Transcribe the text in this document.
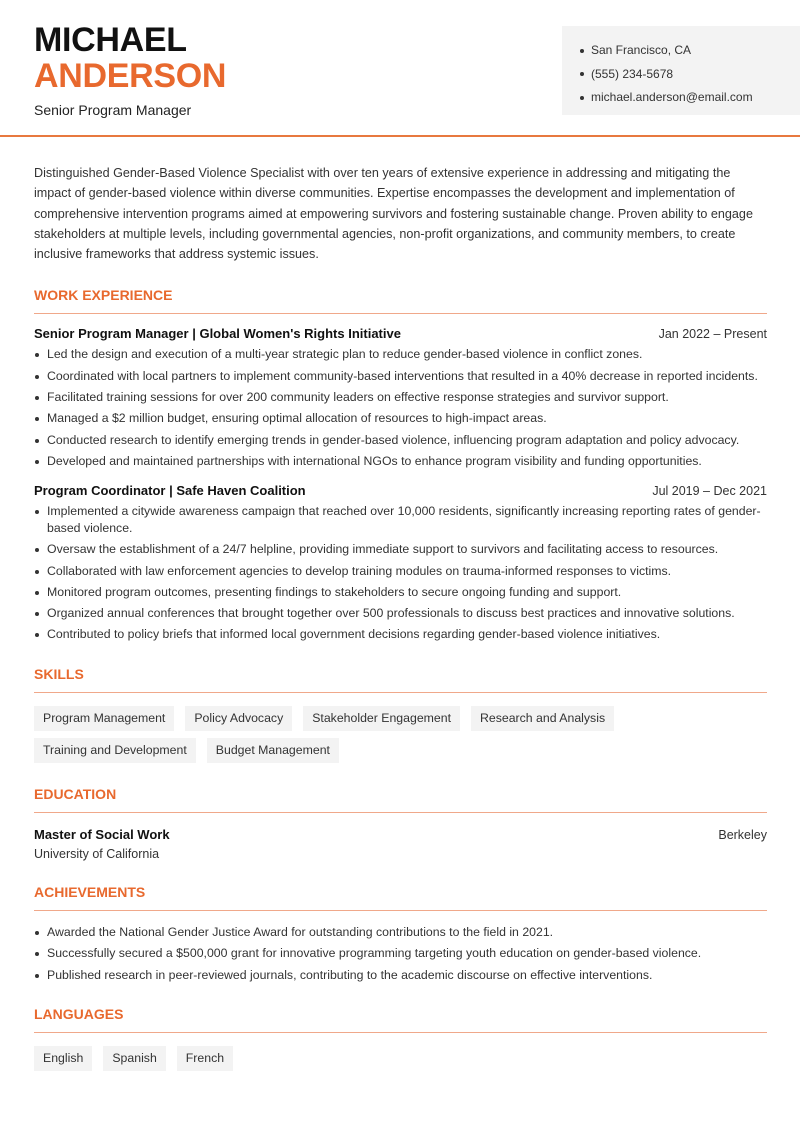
MICHAEL
ANDERSON
Senior Program Manager
San Francisco, CA
(555) 234-5678
michael.anderson@email.com

Distinguished Gender-Based Violence Specialist with over ten years of extensive experience in addressing and mitigating the impact of gender-based violence within diverse communities. Expertise encompasses the development and implementation of comprehensive intervention programs aimed at empowering survivors and fostering sustainable change. Proven ability to engage stakeholders at multiple levels, including governmental agencies, non-profit organizations, and community members, to create inclusive frameworks that address systemic issues.

WORK EXPERIENCE
Senior Program Manager | Global Women's Rights Initiative	Jan 2022 – Present
Led the design and execution of a multi-year strategic plan to reduce gender-based violence in conflict zones.
Coordinated with local partners to implement community-based interventions that resulted in a 40% decrease in reported incidents.
Facilitated training sessions for over 200 community leaders on effective response strategies and survivor support.
Managed a $2 million budget, ensuring optimal allocation of resources to high-impact areas.
Conducted research to identify emerging trends in gender-based violence, influencing program adaptation and policy advocacy.
Developed and maintained partnerships with international NGOs to enhance program visibility and funding opportunities.
Program Coordinator | Safe Haven Coalition	Jul 2019 – Dec 2021
Implemented a citywide awareness campaign that reached over 10,000 residents, significantly increasing reporting rates of gender-based violence.
Oversaw the establishment of a 24/7 helpline, providing immediate support to survivors and facilitating access to resources.
Collaborated with law enforcement agencies to develop training modules on trauma-informed responses to victims.
Monitored program outcomes, presenting findings to stakeholders to secure ongoing funding and support.
Organized annual conferences that brought together over 500 professionals to discuss best practices and innovative solutions.
Contributed to policy briefs that informed local government decisions regarding gender-based violence initiatives.
SKILLS
Program Management	Policy Advocacy	Stakeholder Engagement	Research and Analysis
Training and Development	Budget Management
EDUCATION
Master of Social Work	Berkeley
University of California
ACHIEVEMENTS
Awarded the National Gender Justice Award for outstanding contributions to the field in 2021.
Successfully secured a $500,000 grant for innovative programming targeting youth education on gender-based violence.
Published research in peer-reviewed journals, contributing to the academic discourse on effective interventions.
LANGUAGES
English	Spanish	French
